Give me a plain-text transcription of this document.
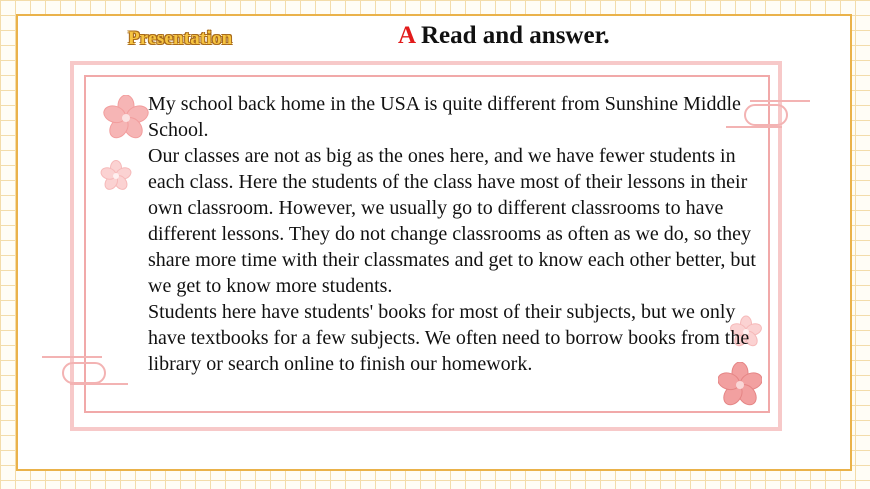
Presentation	A Read and answer.

My school back home in the USA is quite different from Sunshine Middle School.

Our classes are not as big as the ones here, and we have fewer students in each class. Here the students of the class have most of their lessons in their own classroom. However, we usually go to different classrooms to have different lessons. They do not change classrooms as often as we do, so they share more time with their classmates and get to know each other better, but we get to know more students.

Students here have students' books for most of their subjects, but we only have textbooks for a few subjects. We often need to borrow books from the library or search online to finish our homework.
